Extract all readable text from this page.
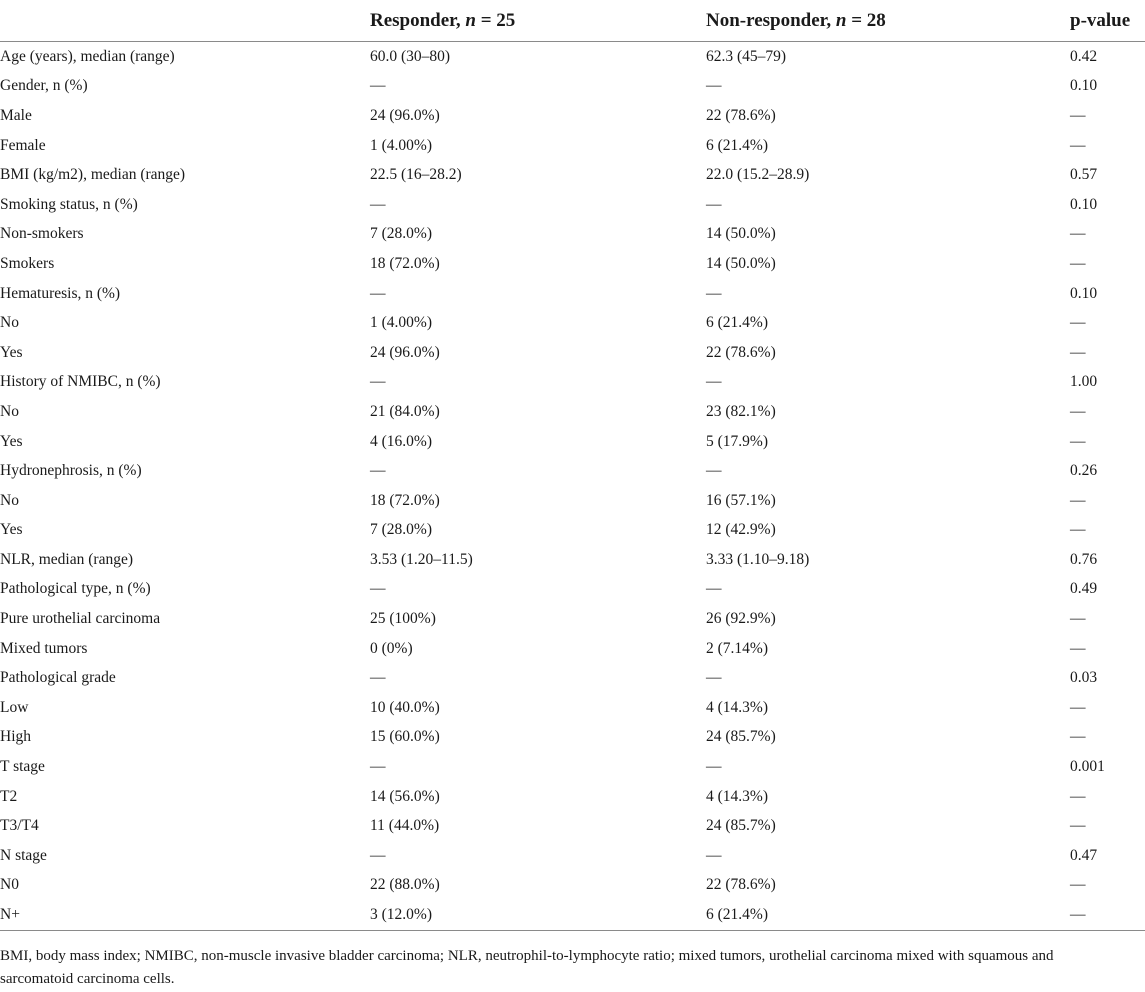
	Responder, n = 25	Non-responder, n = 28	p-value
Age (years), median (range)	60.0 (30–80)	62.3 (45–79)	0.42
Gender, n (%)	—	—	0.10
Male	24 (96.0%)	22 (78.6%)	—
Female	1 (4.00%)	6 (21.4%)	—
BMI (kg/m2), median (range)	22.5 (16–28.2)	22.0 (15.2–28.9)	0.57
Smoking status, n (%)	—	—	0.10
Non-smokers	7 (28.0%)	14 (50.0%)	—
Smokers	18 (72.0%)	14 (50.0%)	—
Hematuresis, n (%)	—	—	0.10
No	1 (4.00%)	6 (21.4%)	—
Yes	24 (96.0%)	22 (78.6%)	—
History of NMIBC, n (%)	—	—	1.00
No	21 (84.0%)	23 (82.1%)	—
Yes	4 (16.0%)	5 (17.9%)	—
Hydronephrosis, n (%)	—	—	0.26
No	18 (72.0%)	16 (57.1%)	—
Yes	7 (28.0%)	12 (42.9%)	—
NLR, median (range)	3.53 (1.20–11.5)	3.33 (1.10–9.18)	0.76
Pathological type, n (%)	—	—	0.49
Pure urothelial carcinoma	25 (100%)	26 (92.9%)	—
Mixed tumors	0 (0%)	2 (7.14%)	—
Pathological grade	—	—	0.03
Low	10 (40.0%)	4 (14.3%)	—
High	15 (60.0%)	24 (85.7%)	—
T stage	—	—	0.001
T2	14 (56.0%)	4 (14.3%)	—
T3/T4	11 (44.0%)	24 (85.7%)	—
N stage	—	—	0.47
N0	22 (88.0%)	22 (78.6%)	—
N+	3 (12.0%)	6 (21.4%)	—
BMI, body mass index; NMIBC, non-muscle invasive bladder carcinoma; NLR, neutrophil-to-lymphocyte ratio; mixed tumors, urothelial carcinoma mixed with squamous and sarcomatoid carcinoma cells.
